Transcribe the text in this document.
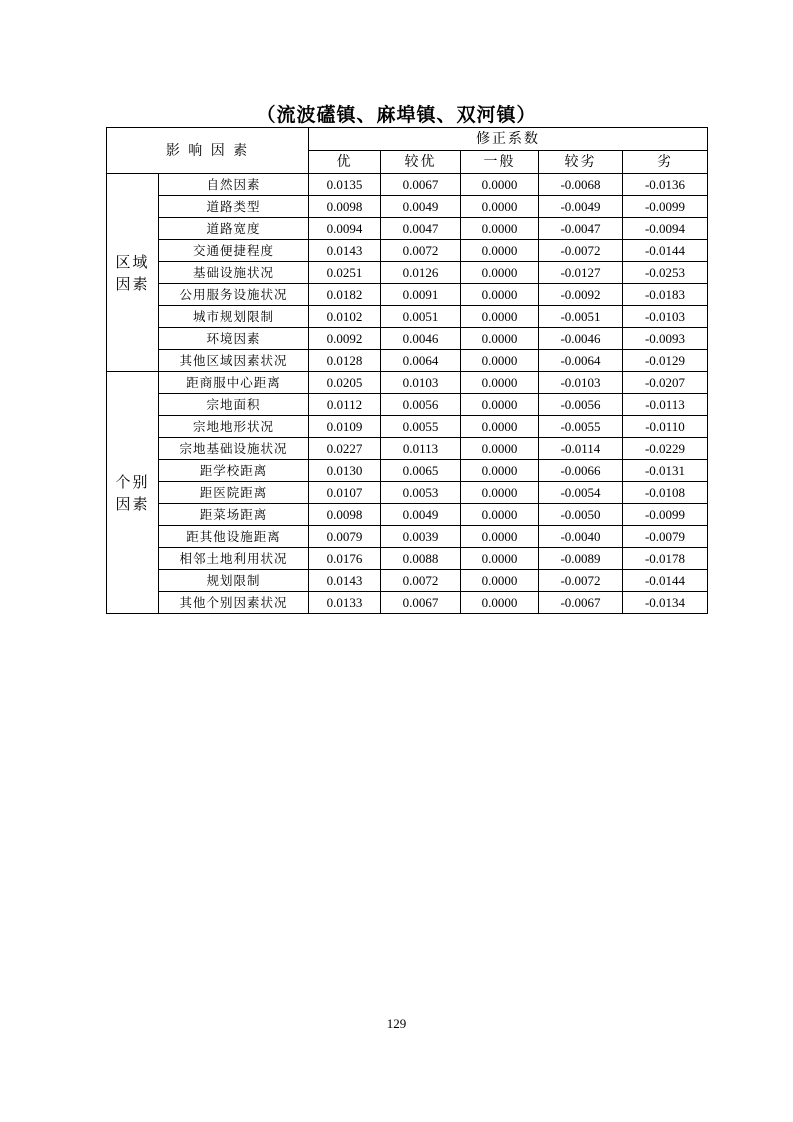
（流波礚镇、麻埠镇、双河镇）
影 响 因 素		修正系数				
		优	较优	一般	较劣	劣
区域
因素	自然因素	0.0135	0.0067	0.0000	-0.0068	-0.0136
	道路类型	0.0098	0.0049	0.0000	-0.0049	-0.0099
	道路宽度	0.0094	0.0047	0.0000	-0.0047	-0.0094
	交通便捷程度	0.0143	0.0072	0.0000	-0.0072	-0.0144
	基础设施状况	0.0251	0.0126	0.0000	-0.0127	-0.0253
	公用服务设施状况	0.0182	0.0091	0.0000	-0.0092	-0.0183
	城市规划限制	0.0102	0.0051	0.0000	-0.0051	-0.0103
	环境因素	0.0092	0.0046	0.0000	-0.0046	-0.0093
	其他区域因素状况	0.0128	0.0064	0.0000	-0.0064	-0.0129
个别
因素	距商服中心距离	0.0205	0.0103	0.0000	-0.0103	-0.0207
	宗地面积	0.0112	0.0056	0.0000	-0.0056	-0.0113
	宗地地形状况	0.0109	0.0055	0.0000	-0.0055	-0.0110
	宗地基础设施状况	0.0227	0.0113	0.0000	-0.0114	-0.0229
	距学校距离	0.0130	0.0065	0.0000	-0.0066	-0.0131
	距医院距离	0.0107	0.0053	0.0000	-0.0054	-0.0108
	距菜场距离	0.0098	0.0049	0.0000	-0.0050	-0.0099
	距其他设施距离	0.0079	0.0039	0.0000	-0.0040	-0.0079
	相邻土地利用状况	0.0176	0.0088	0.0000	-0.0089	-0.0178
	规划限制	0.0143	0.0072	0.0000	-0.0072	-0.0144
	其他个别因素状况	0.0133	0.0067	0.0000	-0.0067	-0.0134
129
